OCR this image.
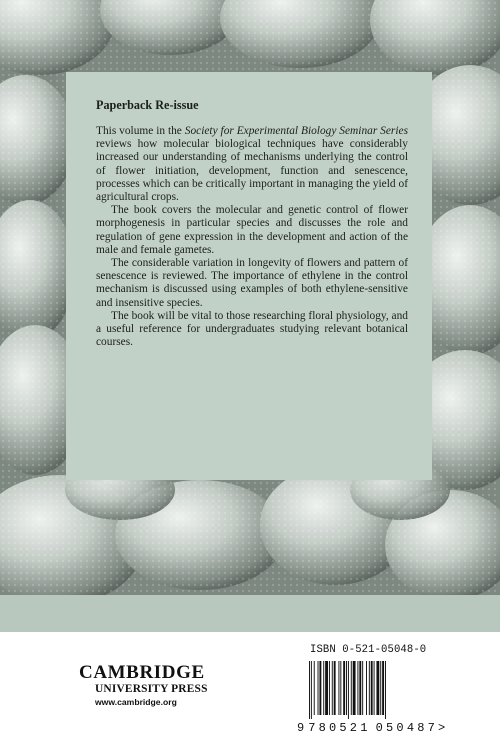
Paperback Re-issue

This volume in the Society for Experimental Biology Seminar Series reviews how molecular biological techniques have considerably increased our understanding of mechanisms underlying the control of flower initiation, development, function and senescence, processes which can be critically important in managing the yield of agricultural crops.

The book covers the molecular and genetic control of flower morphogenesis in particular species and discusses the role and regulation of gene expression in the development and action of the male and female gametes.

The considerable variation in longevity of flowers and pattern of senescence is reviewed. The importance of ethylene in the control mechanism is discussed using examples of both ethylene-sensitive and insensitive species.

The book will be vital to those researching floral physiology, and a useful reference for undergraduates studying relevant botanical courses.

CAMBRIDGE
UNIVERSITY PRESS
www.cambridge.org
ISBN 0-521-05048-0
9 780521 050487>
